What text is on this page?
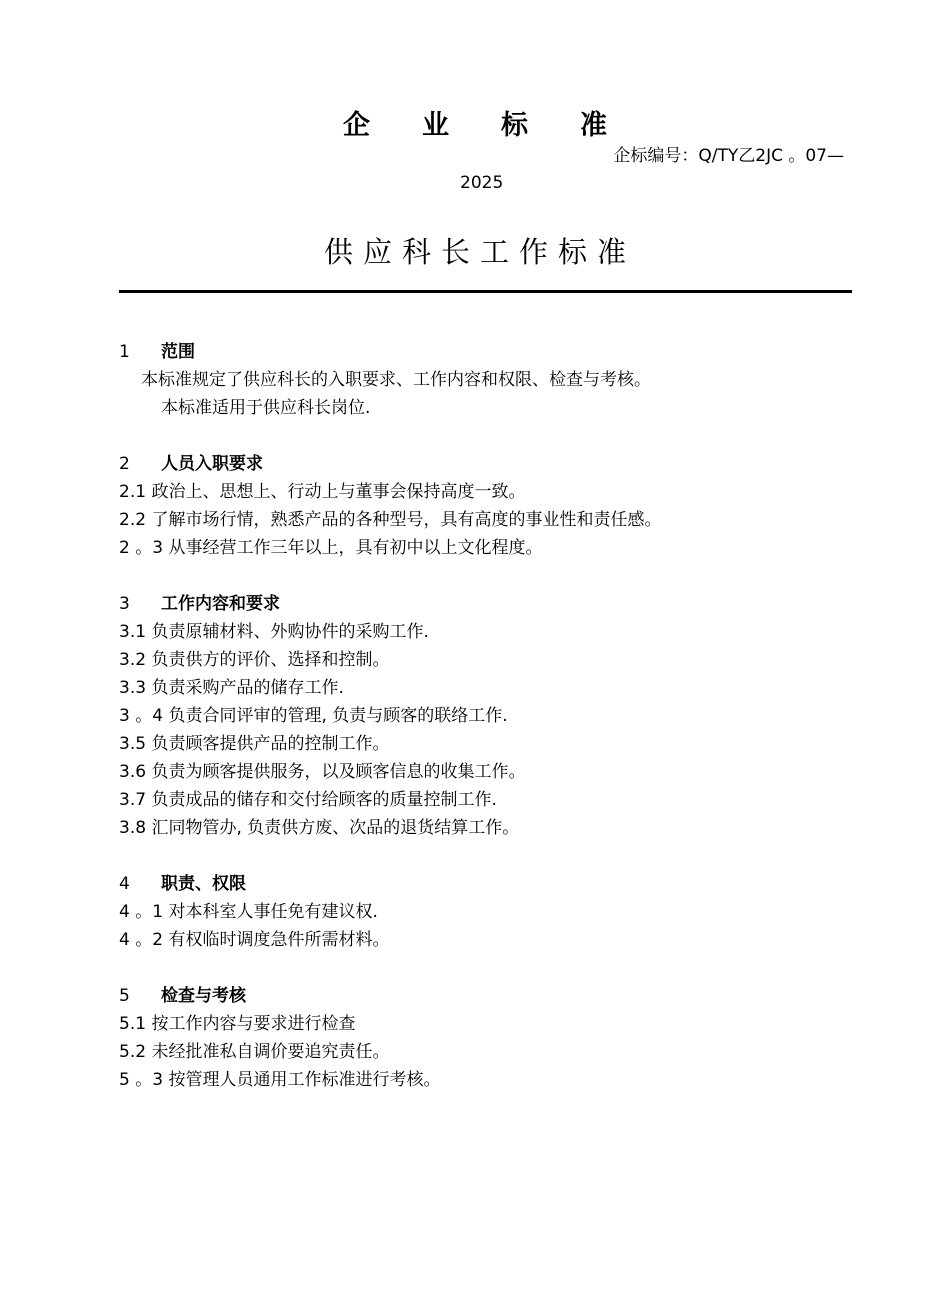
企业标准
企标编号：Q/TY乙2JC 。07—
2025
供应科长工作标准
1 范围
本标准规定了供应科长的入职要求、工作内容和权限、检查与考核。
本标准适用于供应科长岗位.
2 人员入职要求
2.1 政治上、思想上、行动上与董事会保持高度一致。
2.2 了解市场行情，熟悉产品的各种型号，具有高度的事业性和责任感。
2 。3 从事经营工作三年以上，具有初中以上文化程度。
3 工作内容和要求
3.1 负责原辅材料、外购协件的采购工作.
3.2 负责供方的评价、选择和控制。
3.3 负责采购产品的储存工作.
3 。4 负责合同评审的管理, 负责与顾客的联络工作.
3.5 负责顾客提供产品的控制工作。
3.6 负责为顾客提供服务，以及顾客信息的收集工作。
3.7 负责成品的储存和交付给顾客的质量控制工作.
3.8 汇同物管办, 负责供方废、次品的退货结算工作。
4 职责、权限
4 。1 对本科室人事任免有建议权.
4 。2 有权临时调度急件所需材料。
5 检查与考核
5.1 按工作内容与要求进行检查
5.2 未经批准私自调价要追究责任。
5 。3 按管理人员通用工作标准进行考核。
